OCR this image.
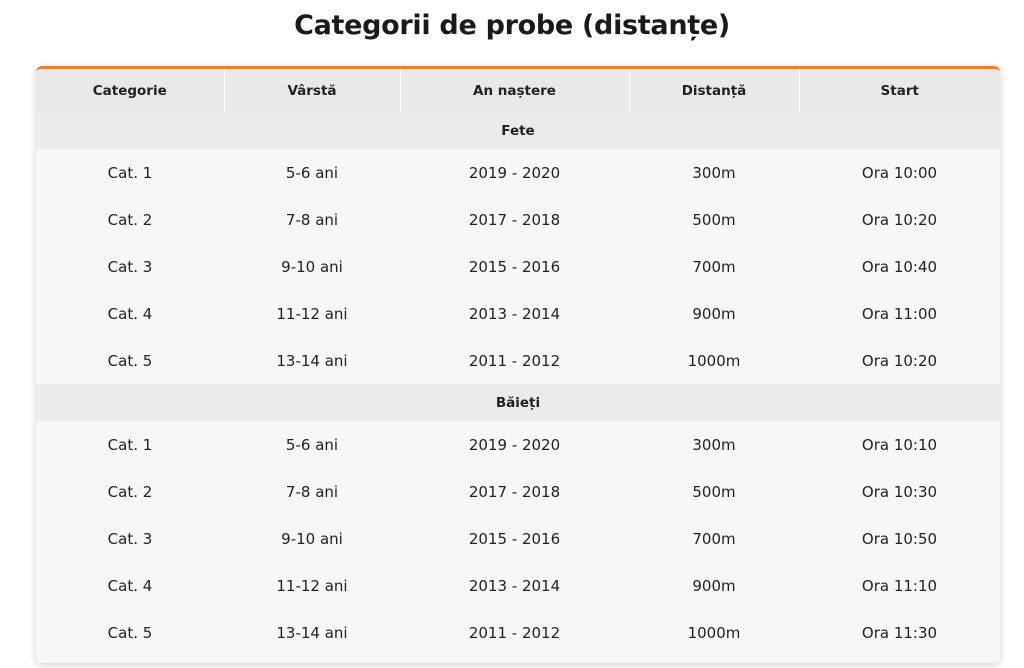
Categorii de probe (distanțe)
Categorie	Vârstă	An naștere	Distanță	Start
Fete				
Cat. 1	5-6 ani	2019 - 2020	300m	Ora 10:00
Cat. 2	7-8 ani	2017 - 2018	500m	Ora 10:20
Cat. 3	9-10 ani	2015 - 2016	700m	Ora 10:40
Cat. 4	11-12 ani	2013 - 2014	900m	Ora 11:00
Cat. 5	13-14 ani	2011 - 2012	1000m	Ora 10:20
Băieți				
Cat. 1	5-6 ani	2019 - 2020	300m	Ora 10:10
Cat. 2	7-8 ani	2017 - 2018	500m	Ora 10:30
Cat. 3	9-10 ani	2015 - 2016	700m	Ora 10:50
Cat. 4	11-12 ani	2013 - 2014	900m	Ora 11:10
Cat. 5	13-14 ani	2011 - 2012	1000m	Ora 11:30
